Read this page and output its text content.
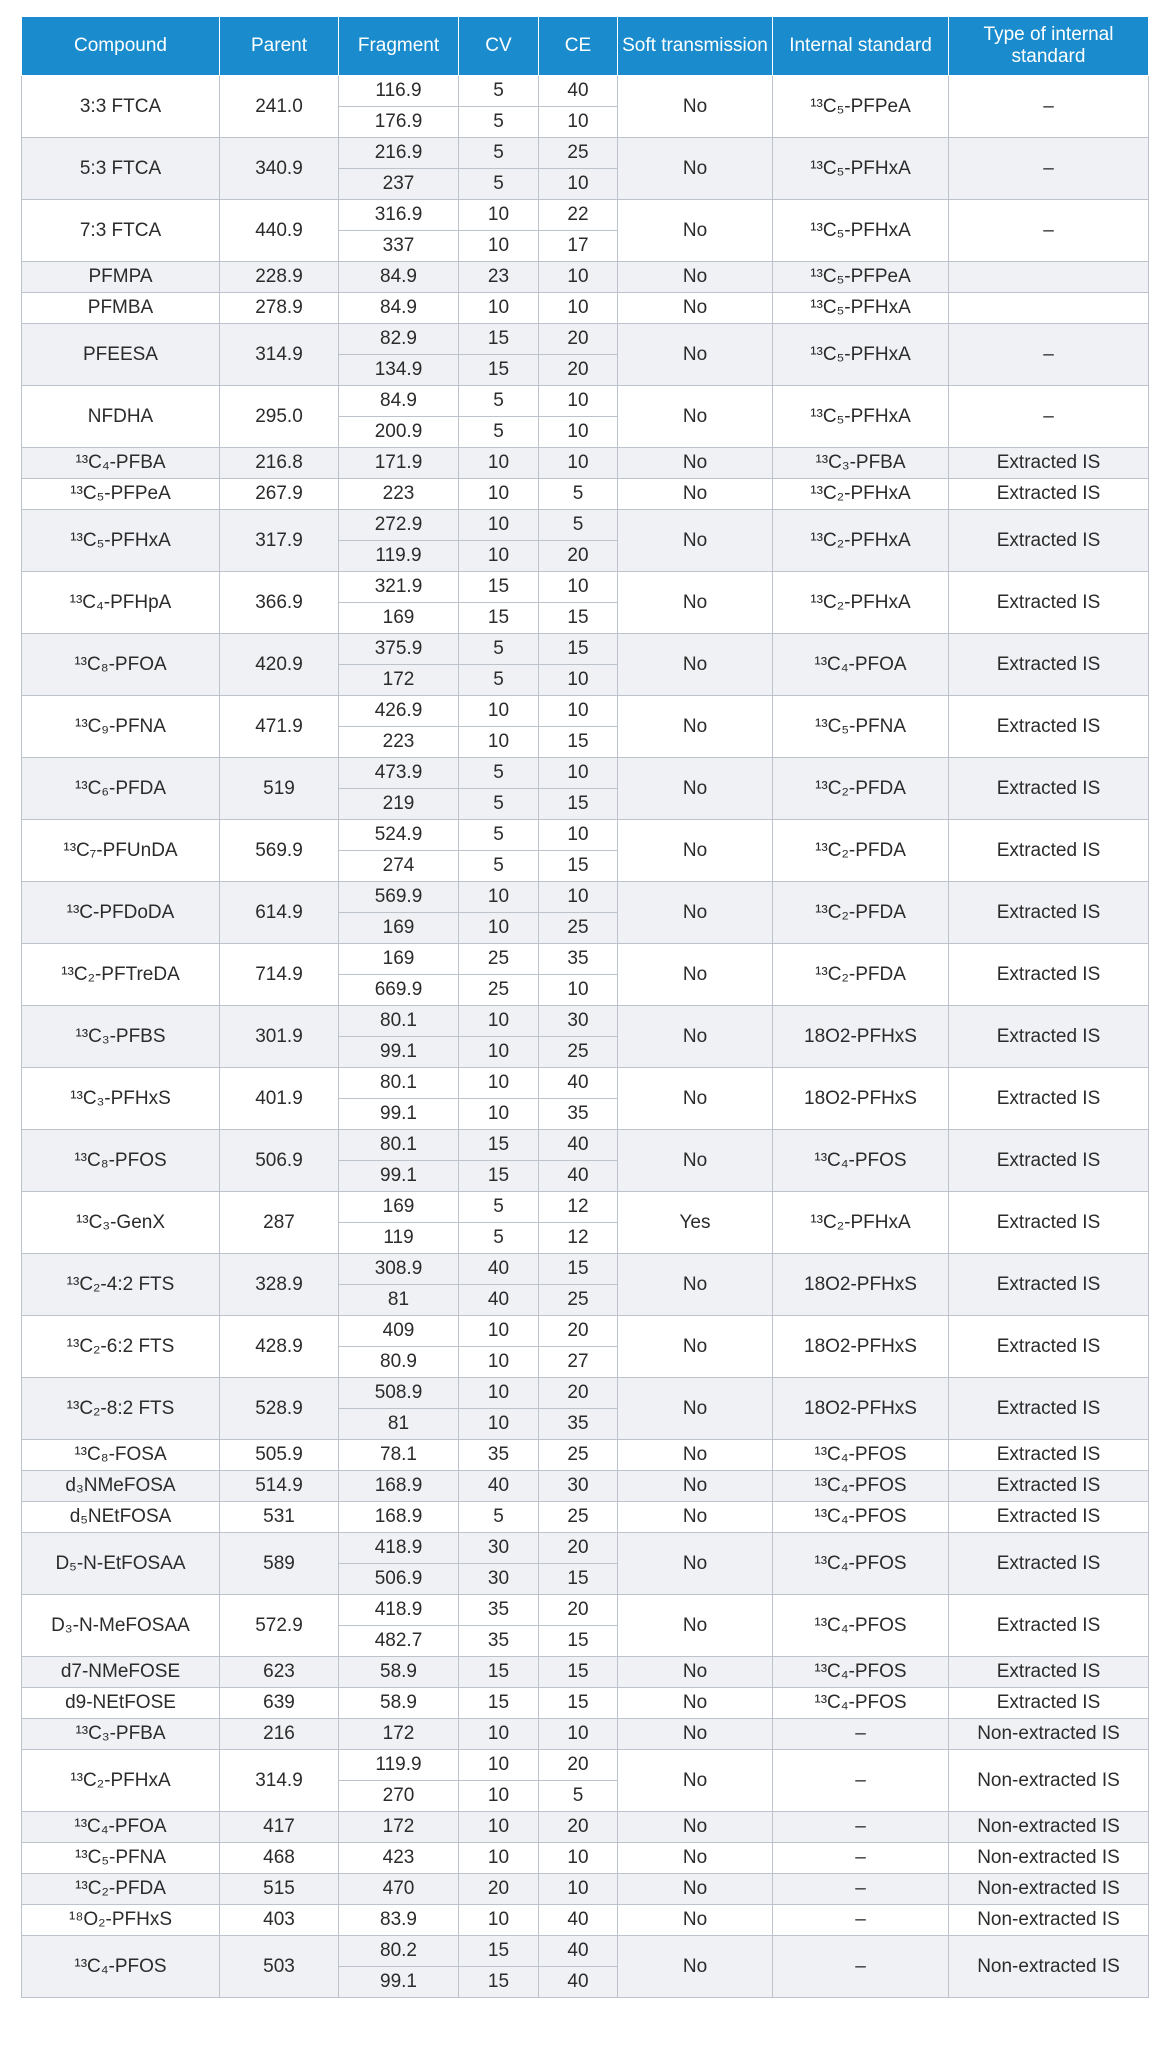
Compound	Parent	Fragment	CV	CE	Soft transmission	Internal standard	Type of internal standard
3:3 FTCA	241.0	116.9	5	40	No	¹³C₅-PFPeA	–
		176.9	5	10			
5:3 FTCA	340.9	216.9	5	25	No	¹³C₅-PFHxA	–
		237	5	10			
7:3 FTCA	440.9	316.9	10	22	No	¹³C₅-PFHxA	–
		337	10	17			
PFMPA	228.9	84.9	23	10	No	¹³C₅-PFPeA	
PFMBA	278.9	84.9	10	10	No	¹³C₅-PFHxA	
PFEESA	314.9	82.9	15	20	No	¹³C₅-PFHxA	–
		134.9	15	20			
NFDHA	295.0	84.9	5	10	No	¹³C₅-PFHxA	–
		200.9	5	10			
¹³C₄-PFBA	216.8	171.9	10	10	No	¹³C₃-PFBA	Extracted IS
¹³C₅-PFPeA	267.9	223	10	5	No	¹³C₂-PFHxA	Extracted IS
¹³C₅-PFHxA	317.9	272.9	10	5	No	¹³C₂-PFHxA	Extracted IS
		119.9	10	20			
¹³C₄-PFHpA	366.9	321.9	15	10	No	¹³C₂-PFHxA	Extracted IS
		169	15	15			
¹³C₈-PFOA	420.9	375.9	5	15	No	¹³C₄-PFOA	Extracted IS
		172	5	10			
¹³C₉-PFNA	471.9	426.9	10	10	No	¹³C₅-PFNA	Extracted IS
		223	10	15			
¹³C₆-PFDA	519	473.9	5	10	No	¹³C₂-PFDA	Extracted IS
		219	5	15			
¹³C₇-PFUnDA	569.9	524.9	5	10	No	¹³C₂-PFDA	Extracted IS
		274	5	15			
¹³C-PFDoDA	614.9	569.9	10	10	No	¹³C₂-PFDA	Extracted IS
		169	10	25			
¹³C₂-PFTreDA	714.9	169	25	35	No	¹³C₂-PFDA	Extracted IS
		669.9	25	10			
¹³C₃-PFBS	301.9	80.1	10	30	No	18O2-PFHxS	Extracted IS
		99.1	10	25			
¹³C₃-PFHxS	401.9	80.1	10	40	No	18O2-PFHxS	Extracted IS
		99.1	10	35			
¹³C₈-PFOS	506.9	80.1	15	40	No	¹³C₄-PFOS	Extracted IS
		99.1	15	40			
¹³C₃-GenX	287	169	5	12	Yes	¹³C₂-PFHxA	Extracted IS
		119	5	12			
¹³C₂-4:2 FTS	328.9	308.9	40	15	No	18O2-PFHxS	Extracted IS
		81	40	25			
¹³C₂-6:2 FTS	428.9	409	10	20	No	18O2-PFHxS	Extracted IS
		80.9	10	27			
¹³C₂-8:2 FTS	528.9	508.9	10	20	No	18O2-PFHxS	Extracted IS
		81	10	35			
¹³C₈-FOSA	505.9	78.1	35	25	No	¹³C₄-PFOS	Extracted IS
d₃NMeFOSA	514.9	168.9	40	30	No	¹³C₄-PFOS	Extracted IS
d₅NEtFOSA	531	168.9	5	25	No	¹³C₄-PFOS	Extracted IS
D₅-N-EtFOSAA	589	418.9	30	20	No	¹³C₄-PFOS	Extracted IS
		506.9	30	15			
D₃-N-MeFOSAA	572.9	418.9	35	20	No	¹³C₄-PFOS	Extracted IS
		482.7	35	15			
d7-NMeFOSE	623	58.9	15	15	No	¹³C₄-PFOS	Extracted IS
d9-NEtFOSE	639	58.9	15	15	No	¹³C₄-PFOS	Extracted IS
¹³C₃-PFBA	216	172	10	10	No	–	Non-extracted IS
¹³C₂-PFHxA	314.9	119.9	10	20	No	–	Non-extracted IS
		270	10	5			
¹³C₄-PFOA	417	172	10	20	No	–	Non-extracted IS
¹³C₅-PFNA	468	423	10	10	No	–	Non-extracted IS
¹³C₂-PFDA	515	470	20	10	No	–	Non-extracted IS
¹⁸O₂-PFHxS	403	83.9	10	40	No	–	Non-extracted IS
¹³C₄-PFOS	503	80.2	15	40	No	–	Non-extracted IS
		99.1	15	40			
